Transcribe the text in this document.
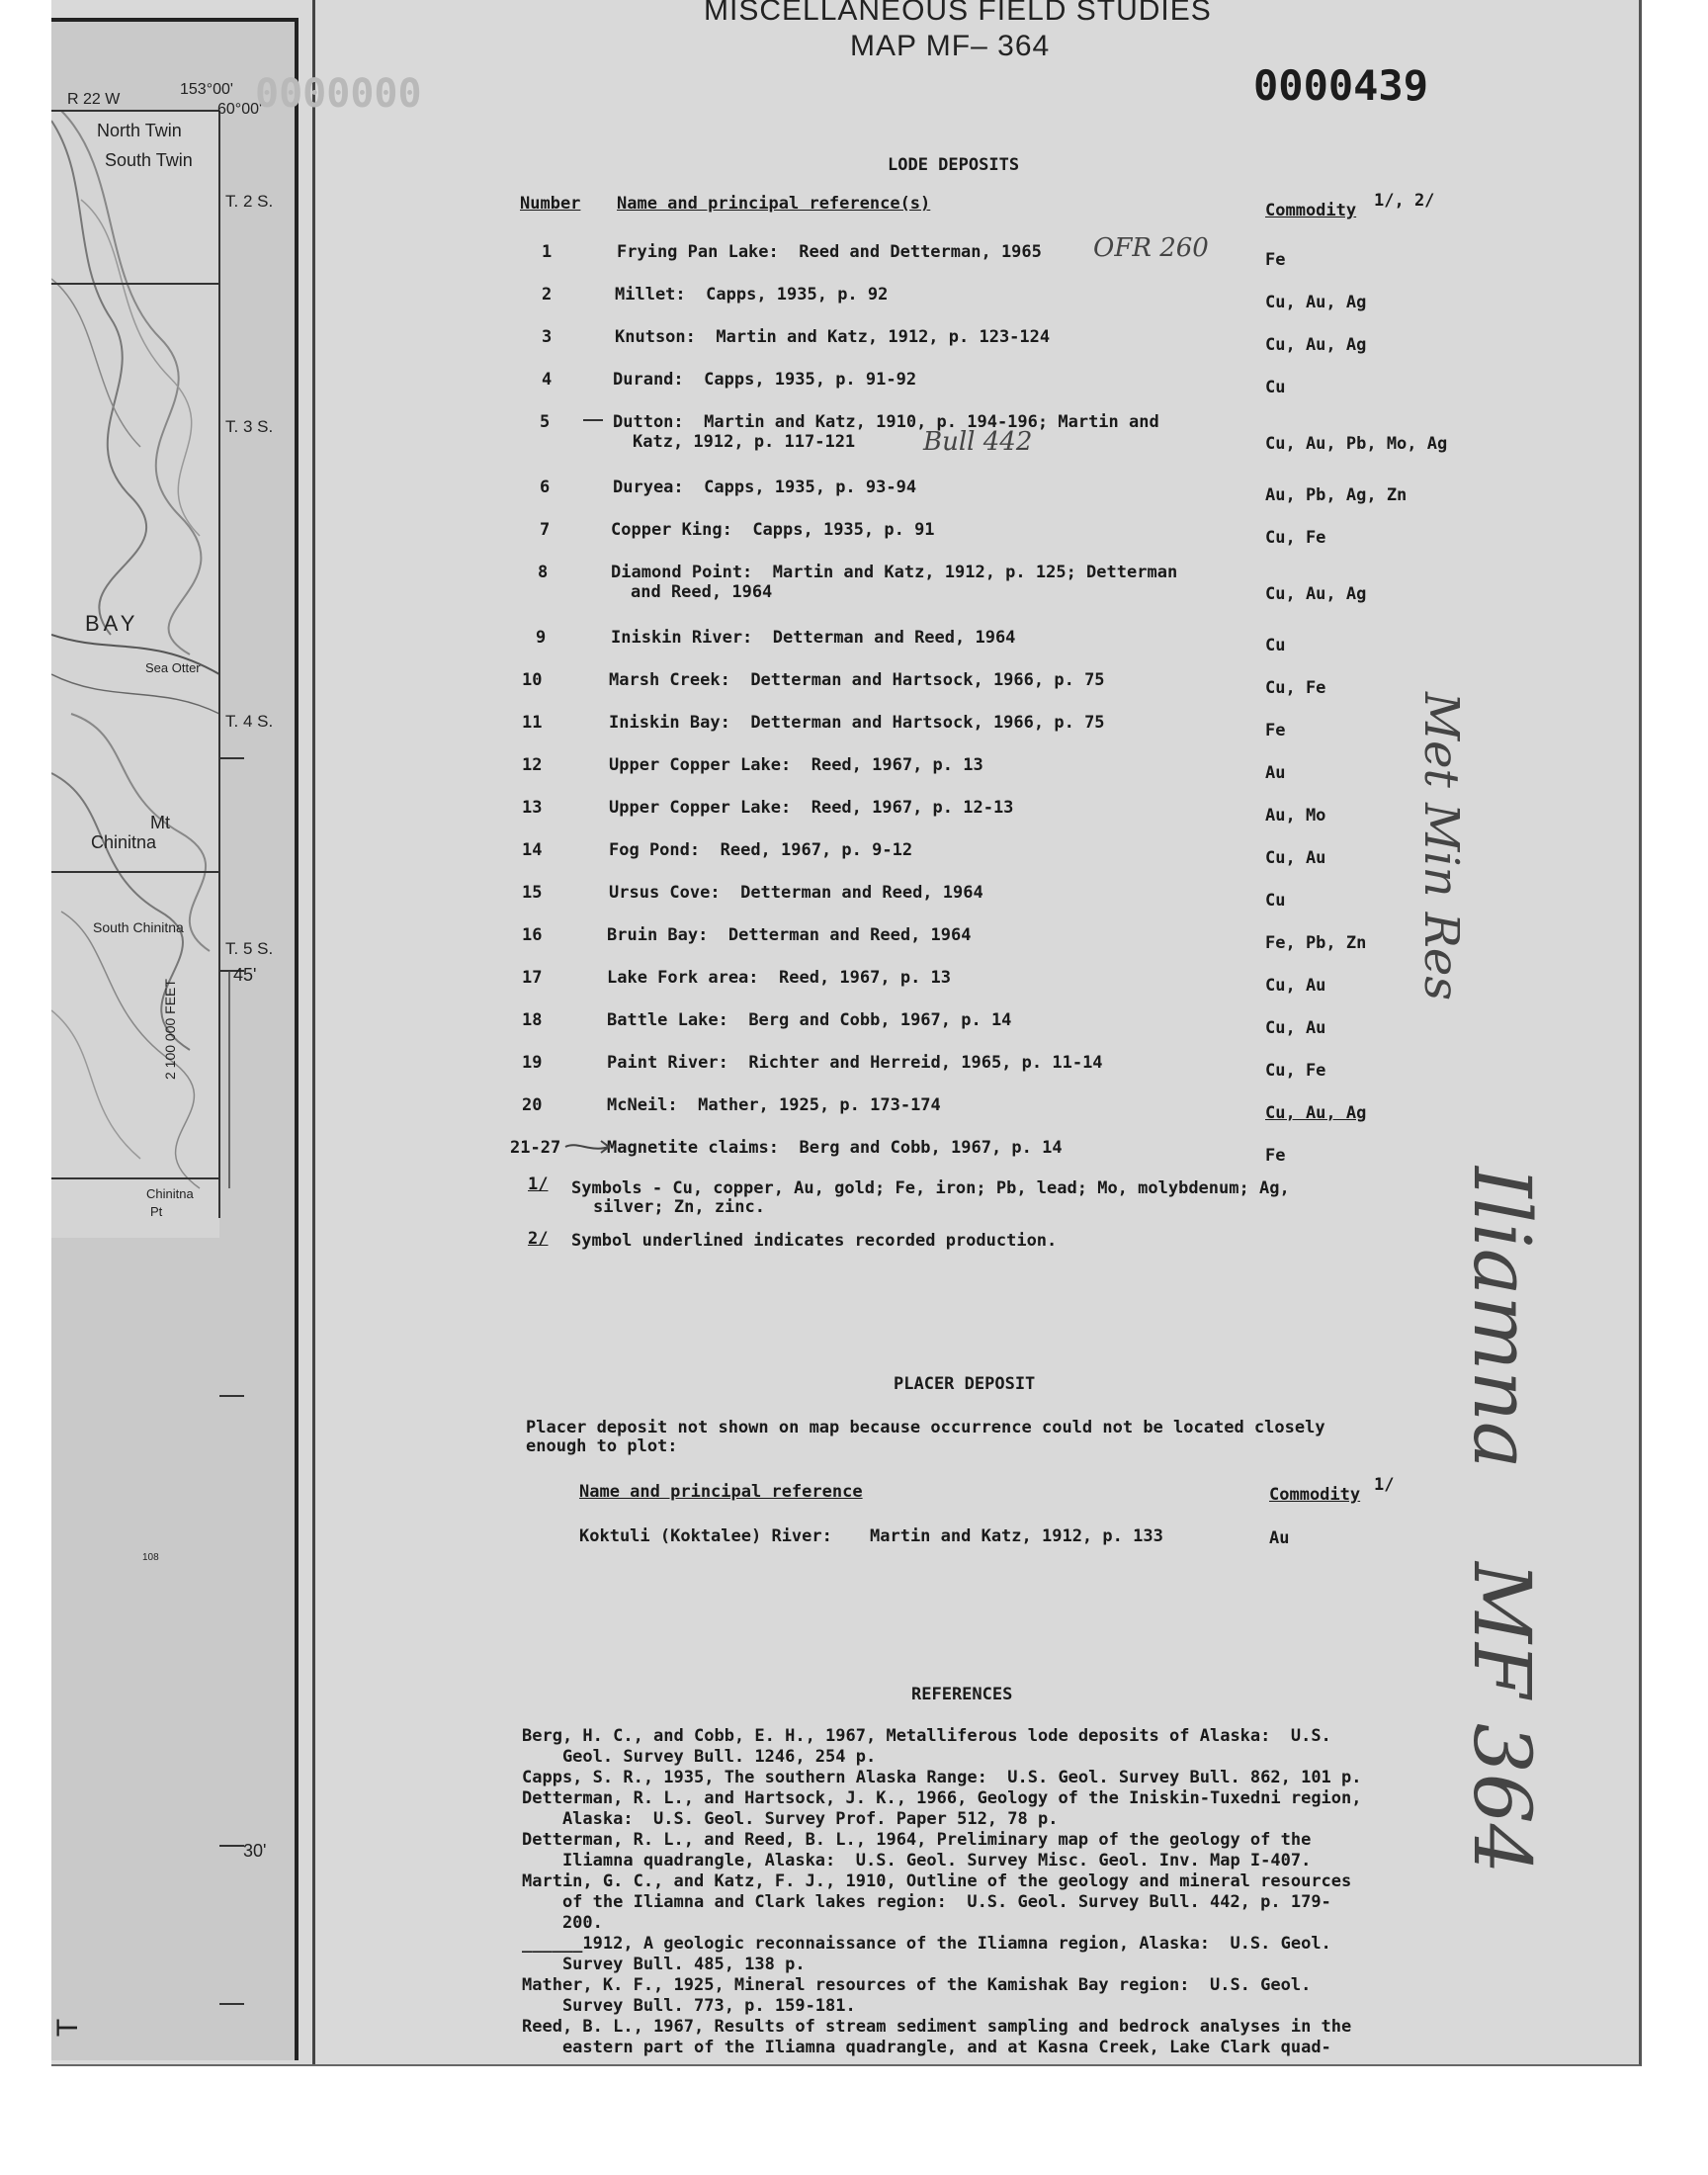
R 22 W
153°00'
60°00'
North Twin
South Twin
BAY
Sea Otter
Mt
Chinitna
South Chinitna
Chinitna
Pt
T. 2 S.
T. 3 S.
T. 4 S.
T. 5 S.
45'
30'
2 100 000 FEET
108
T
MISCELLANEOUS FIELD STUDIES
MAP MF– 364
0000439
0000000
LODE DEPOSITS
Number Name and principal reference(s)	Commodity 1/, 2/
1	Frying Pan Lake: Reed and Detterman, 1965	Fe
2	Millet: Capps, 1935, p. 92	Cu, Au, Ag
3	Knutson: Martin and Katz, 1912, p. 123-124	Cu, Au, Ag
4	Durand: Capps, 1935, p. 91-92	Cu
5	Dutton: Martin and Katz, 1910, p. 194-196; Martin and
Katz, 1912, p. 117-121	Cu, Au, Pb, Mo, Ag
6	Duryea: Capps, 1935, p. 93-94	Au, Pb, Ag, Zn
7	Copper King: Capps, 1935, p. 91	Cu, Fe
8	Diamond Point: Martin and Katz, 1912, p. 125; Detterman
and Reed, 1964	Cu, Au, Ag
9	Iniskin River: Detterman and Reed, 1964	Cu
10	Marsh Creek: Detterman and Hartsock, 1966, p. 75	Cu, Fe
11	Iniskin Bay: Detterman and Hartsock, 1966, p. 75	Fe
12	Upper Copper Lake: Reed, 1967, p. 13	Au
13	Upper Copper Lake: Reed, 1967, p. 12-13	Au, Mo
14	Fog Pond: Reed, 1967, p. 9-12	Cu, Au
15	Ursus Cove: Detterman and Reed, 1964	Cu
16	Bruin Bay: Detterman and Reed, 1964	Fe, Pb, Zn
17	Lake Fork area: Reed, 1967, p. 13	Cu, Au
18	Battle Lake: Berg and Cobb, 1967, p. 14	Cu, Au
19	Paint River: Richter and Herreid, 1965, p. 11-14	Cu, Fe
20	McNeil: Mather, 1925, p. 173-174	Cu, Au, Ag
21-27	Magnetite claims: Berg and Cobb, 1967, p. 14	Fe
1/ Symbols - Cu, copper, Au, gold; Fe, iron; Pb, lead; Mo, molybdenum; Ag,
silver; Zn, zinc.
2/ Symbol underlined indicates recorded production.
PLACER DEPOSIT
Placer deposit not shown on map because occurrence could not be located closely
enough to plot:
Name and principal reference	Commodity 1/
Koktuli (Koktalee) River: Martin and Katz, 1912, p. 133	Au
REFERENCES
Berg, H. C., and Cobb, E. H., 1967, Metalliferous lode deposits of Alaska:  U.S.
Geol. Survey Bull. 1246, 254 p.
Capps, S. R., 1935, The southern Alaska Range:  U.S. Geol. Survey Bull. 862, 101 p.
Detterman, R. L., and Hartsock, J. K., 1966, Geology of the Iniskin-Tuxedni region,
Alaska:  U.S. Geol. Survey Prof. Paper 512, 78 p.
Detterman, R. L., and Reed, B. L., 1964, Preliminary map of the geology of the
Iliamna quadrangle, Alaska:  U.S. Geol. Survey Misc. Geol. Inv. Map I-407.
Martin, G. C., and Katz, F. J., 1910, Outline of the geology and mineral resources
of the Iliamna and Clark lakes region:  U.S. Geol. Survey Bull. 442, p. 179-
200.
______1912, A geologic reconnaissance of the Iliamna region, Alaska:  U.S. Geol.
Survey Bull. 485, 138 p.
Mather, K. F., 1925, Mineral resources of the Kamishak Bay region:  U.S. Geol.
Survey Bull. 773, p. 159-181.
Reed, B. L., 1967, Results of stream sediment sampling and bedrock analyses in the
eastern part of the Iliamna quadrangle, and at Kasna Creek, Lake Clark quad-
OFR 260
Bull 442
Met Min Res
Iliamna
MF 364
